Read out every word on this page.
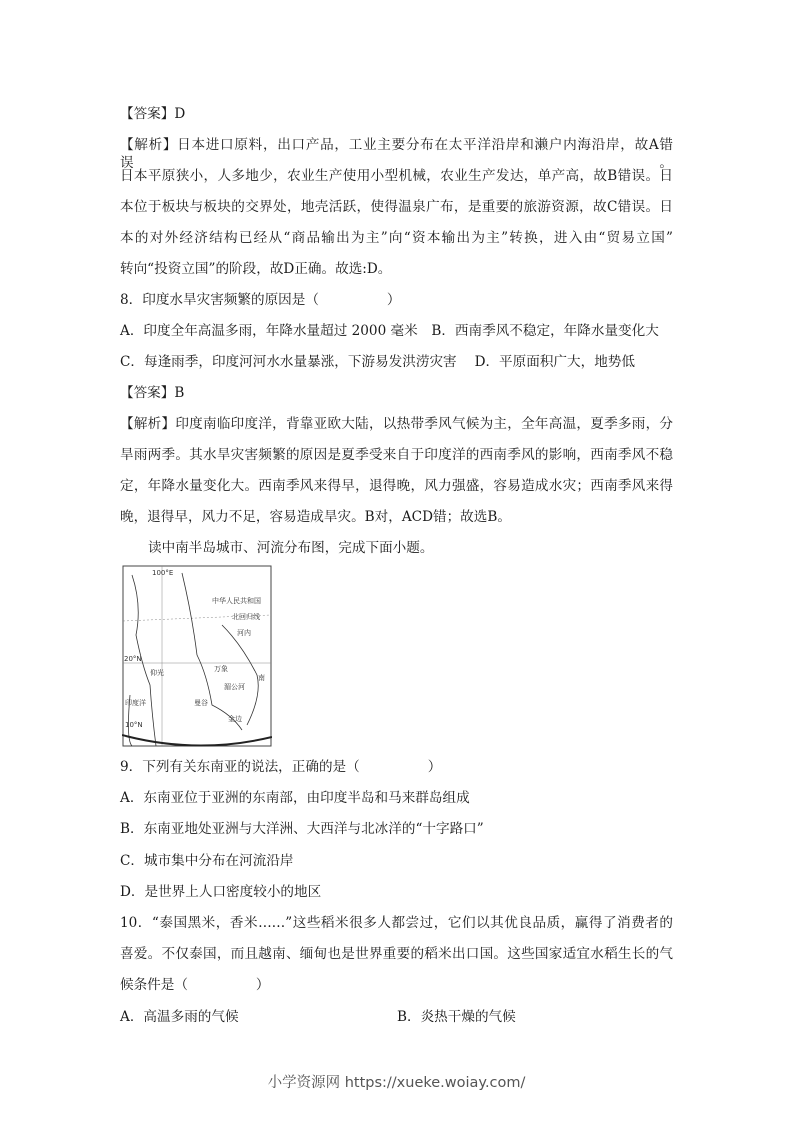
【答案】D
【解析】日本进口原料，出口产品，工业主要分布在太平洋沿岸和濑户内海沿岸，故A错误。
日本平原狭小，人多地少，农业生产使用小型机械，农业生产发达，单产高，故B错误。日
本位于板块与板块的交界处，地壳活跃，使得温泉广布，是重要的旅游资源，故C错误。日
本的对外经济结构已经从“商品输出为主”向“资本输出为主”转换，进入由“贸易立国”
转向“投资立国”的阶段，故D正确。故选:D。
8．印度水旱灾害频繁的原因是（　　　　　）
A．印度全年高温多雨，年降水量超过 2000 毫米　B．西南季风不稳定，年降水量变化大
C．每逢雨季，印度河河水水量暴涨，下游易发洪涝灾害　 D．平原面积广大，地势低
【答案】B
【解析】印度南临印度洋，背靠亚欧大陆，以热带季风气候为主，全年高温，夏季多雨，分
旱雨两季。其水旱灾害频繁的原因是夏季受来自于印度洋的西南季风的影响，西南季风不稳
定，年降水量变化大。西南季风来得早，退得晚，风力强盛，容易造成水灾；西南季风来得
晚，退得早，风力不足，容易造成旱灾。B对，ACD错；故选B。
读中南半岛城市、河流分布图，完成下面小题。
100°E
中华人民共和国
北回归线
河内
20°N
万象
仰光
曼谷
金边
南
印度洋
10°N
湄公河
9．下列有关东南亚的说法，正确的是（　　　　　）
A．东南亚位于亚洲的东南部，由印度半岛和马来群岛组成
B．东南亚地处亚洲与大洋洲、大西洋与北冰洋的“十字路口”
C．城市集中分布在河流沿岸
D．是世界上人口密度较小的地区
10．“泰国黑米，香米……”这些稻米很多人都尝过，它们以其优良品质，赢得了消费者的
喜爱。不仅泰国，而且越南、缅甸也是世界重要的稻米出口国。这些国家适宜水稻生长的气
候条件是（　　　　　）
A．高温多雨的气候	B．炎热干燥的气候
小学资源网 https://xueke.woiay.com/
